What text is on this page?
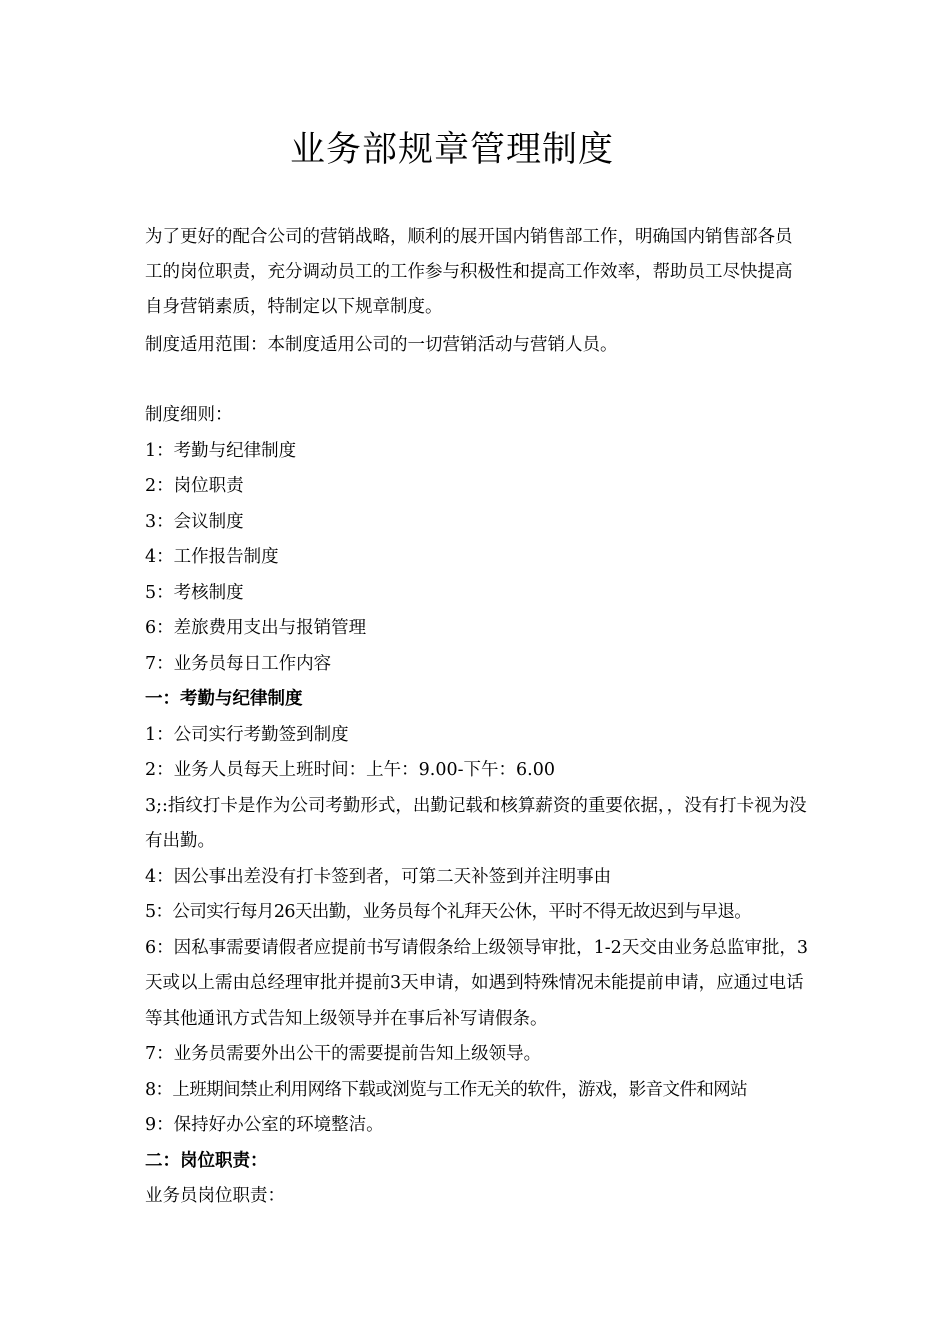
业务部规章管理制度
为了更好的配合公司的营销战略，顺利的展开国内销售部工作，明确国内销售部各员工的岗位职责，充分调动员工的工作参与积极性和提高工作效率，帮助员工尽快提高自身营销素质，特制定以下规章制度。
制度适用范围：本制度适用公司的一切营销活动与营销人员。
制度细则：
1：考勤与纪律制度
2：岗位职责
3：会议制度
4：工作报告制度
5：考核制度
6：差旅费用支出与报销管理
7：业务员每日工作内容
一：考勤与纪律制度
1：公司实行考勤签到制度
2：业务人员每天上班时间：上午：9.00-下午：6.00
3;:指纹打卡是作为公司考勤形式，出勤记载和核算薪资的重要依据，，没有打卡视为没有出勤。
4：因公事出差没有打卡签到者，可第二天补签到并注明事由
5：公司实行每月26天出勤，业务员每个礼拜天公休，平时不得无故迟到与早退。
6：因私事需要请假者应提前书写请假条给上级领导审批，1-2天交由业务总监审批，3天或以上需由总经理审批并提前3天申请，如遇到特殊情况未能提前申请，应通过电话等其他通讯方式告知上级领导并在事后补写请假条。
7：业务员需要外出公干的需要提前告知上级领导。
8：上班期间禁止利用网络下载或浏览与工作无关的软件，游戏，影音文件和网站
9：保持好办公室的环境整洁。
二：岗位职责：
业务员岗位职责：
